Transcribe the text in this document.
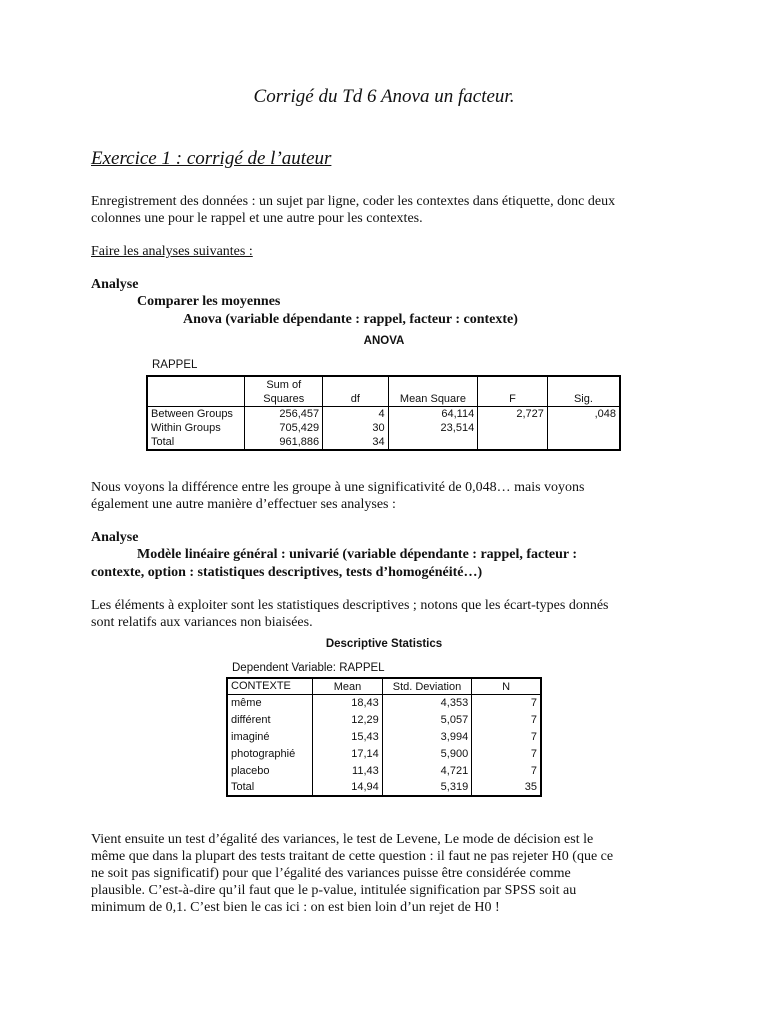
Corrigé du Td 6 Anova un facteur.
Exercice 1 : corrigé de l’auteur
Enregistrement des données : un sujet par ligne, coder les contextes dans étiquette, donc deux
colonnes une pour le rappel et une autre pour les contextes.
Faire les analyses suivantes :
Analyse
Comparer les moyennes
Anova (variable dépendante : rappel, facteur : contexte)
ANOVA
RAPPEL

	Sum of
Squares	df	Mean Square	F	Sig.
Between Groups	256,457	4	64,114	2,727	,048
Within Groups	705,429	30	23,514		
Total	961,886	34			
Nous voyons la différence entre les groupe à une significativité de 0,048… mais voyons
également une autre manière d’effectuer ses analyses :
Analyse
Modèle linéaire général : univarié (variable dépendante : rappel, facteur :
contexte, option : statistiques descriptives, tests d’homogénéité…)
Les éléments à exploiter sont les statistiques descriptives ; notons que les écart-types donnés
sont relatifs aux variances non biaisées.
Descriptive Statistics
Dependent Variable: RAPPEL
CONTEXTE	Mean	Std. Deviation	N
même	18,43	4,353	7
différent	12,29	5,057	7
imaginé	15,43	3,994	7
photographié	17,14	5,900	7
placebo	11,43	4,721	7
Total	14,94	5,319	35
Vient ensuite un test d’égalité des variances, le test de Levene, Le mode de décision est le
même que dans la plupart des tests traitant de cette question : il faut ne pas rejeter H0 (que ce
ne soit pas significatif) pour que l’égalité des variances puisse être considérée comme
plausible. C’est-à-dire qu’il faut que le p-value, intitulée signification par SPSS soit au
minimum de 0,1. C’est bien le cas ici : on est bien loin d’un rejet de H0 !
